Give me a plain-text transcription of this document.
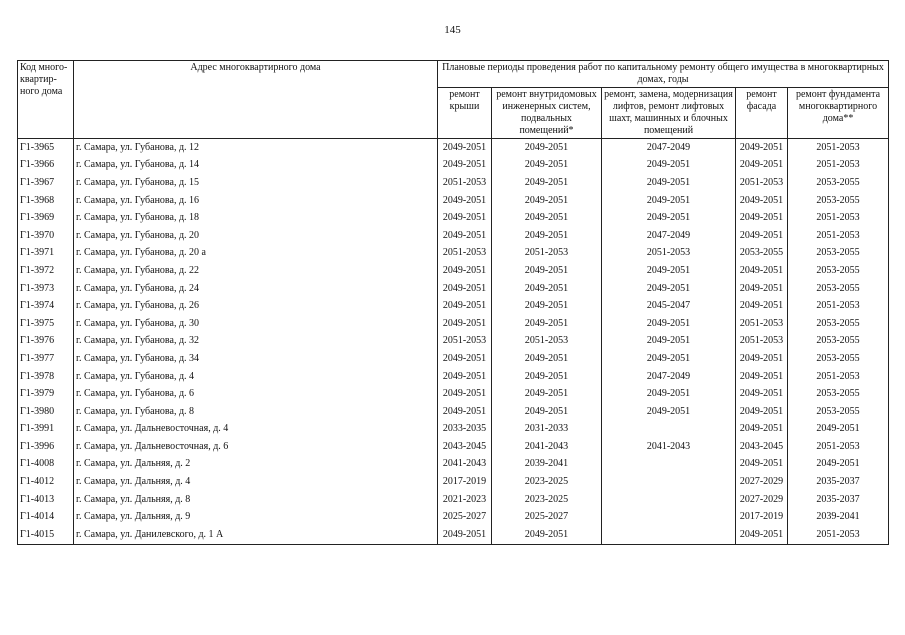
145
Код много-квартир-ного дома	Адрес многоквартирного дома	Плановые периоды проведения работ по капитальному ремонту общего имущества в многоквартирных домах, годы				
		ремонт крыши	ремонт внутридомовых инженерных систем, подвальных помещений*	ремонт, замена, модернизация лифтов, ремонт лифтовых шахт, машинных и блочных помещений	ремонт фасада	ремонт фундамента многоквартирного дома**
Г1-3965	г. Самара, ул. Губанова, д. 12	2049-2051	2049-2051	2047-2049	2049-2051	2051-2053
Г1-3966	г. Самара, ул. Губанова, д. 14	2049-2051	2049-2051	2049-2051	2049-2051	2051-2053
Г1-3967	г. Самара, ул. Губанова, д. 15	2051-2053	2049-2051	2049-2051	2051-2053	2053-2055
Г1-3968	г. Самара, ул. Губанова, д. 16	2049-2051	2049-2051	2049-2051	2049-2051	2053-2055
Г1-3969	г. Самара, ул. Губанова, д. 18	2049-2051	2049-2051	2049-2051	2049-2051	2051-2053
Г1-3970	г. Самара, ул. Губанова, д. 20	2049-2051	2049-2051	2047-2049	2049-2051	2051-2053
Г1-3971	г. Самара, ул. Губанова, д. 20 а	2051-2053	2051-2053	2051-2053	2053-2055	2053-2055
Г1-3972	г. Самара, ул. Губанова, д. 22	2049-2051	2049-2051	2049-2051	2049-2051	2053-2055
Г1-3973	г. Самара, ул. Губанова, д. 24	2049-2051	2049-2051	2049-2051	2049-2051	2053-2055
Г1-3974	г. Самара, ул. Губанова, д. 26	2049-2051	2049-2051	2045-2047	2049-2051	2051-2053
Г1-3975	г. Самара, ул. Губанова, д. 30	2049-2051	2049-2051	2049-2051	2051-2053	2053-2055
Г1-3976	г. Самара, ул. Губанова, д. 32	2051-2053	2051-2053	2049-2051	2051-2053	2053-2055
Г1-3977	г. Самара, ул. Губанова, д. 34	2049-2051	2049-2051	2049-2051	2049-2051	2053-2055
Г1-3978	г. Самара, ул. Губанова, д. 4	2049-2051	2049-2051	2047-2049	2049-2051	2051-2053
Г1-3979	г. Самара, ул. Губанова, д. 6	2049-2051	2049-2051	2049-2051	2049-2051	2053-2055
Г1-3980	г. Самара, ул. Губанова, д. 8	2049-2051	2049-2051	2049-2051	2049-2051	2053-2055
Г1-3991	г. Самара, ул. Дальневосточная, д. 4	2033-2035	2031-2033		2049-2051	2049-2051
Г1-3996	г. Самара, ул. Дальневосточная, д. 6	2043-2045	2041-2043	2041-2043	2043-2045	2051-2053
Г1-4008	г. Самара, ул. Дальняя, д. 2	2041-2043	2039-2041		2049-2051	2049-2051
Г1-4012	г. Самара, ул. Дальняя, д. 4	2017-2019	2023-2025		2027-2029	2035-2037
Г1-4013	г. Самара, ул. Дальняя, д. 8	2021-2023	2023-2025		2027-2029	2035-2037
Г1-4014	г. Самара, ул. Дальняя, д. 9	2025-2027	2025-2027		2017-2019	2039-2041
Г1-4015	г. Самара, ул. Данилевского, д. 1 А	2049-2051	2049-2051		2049-2051	2051-2053
